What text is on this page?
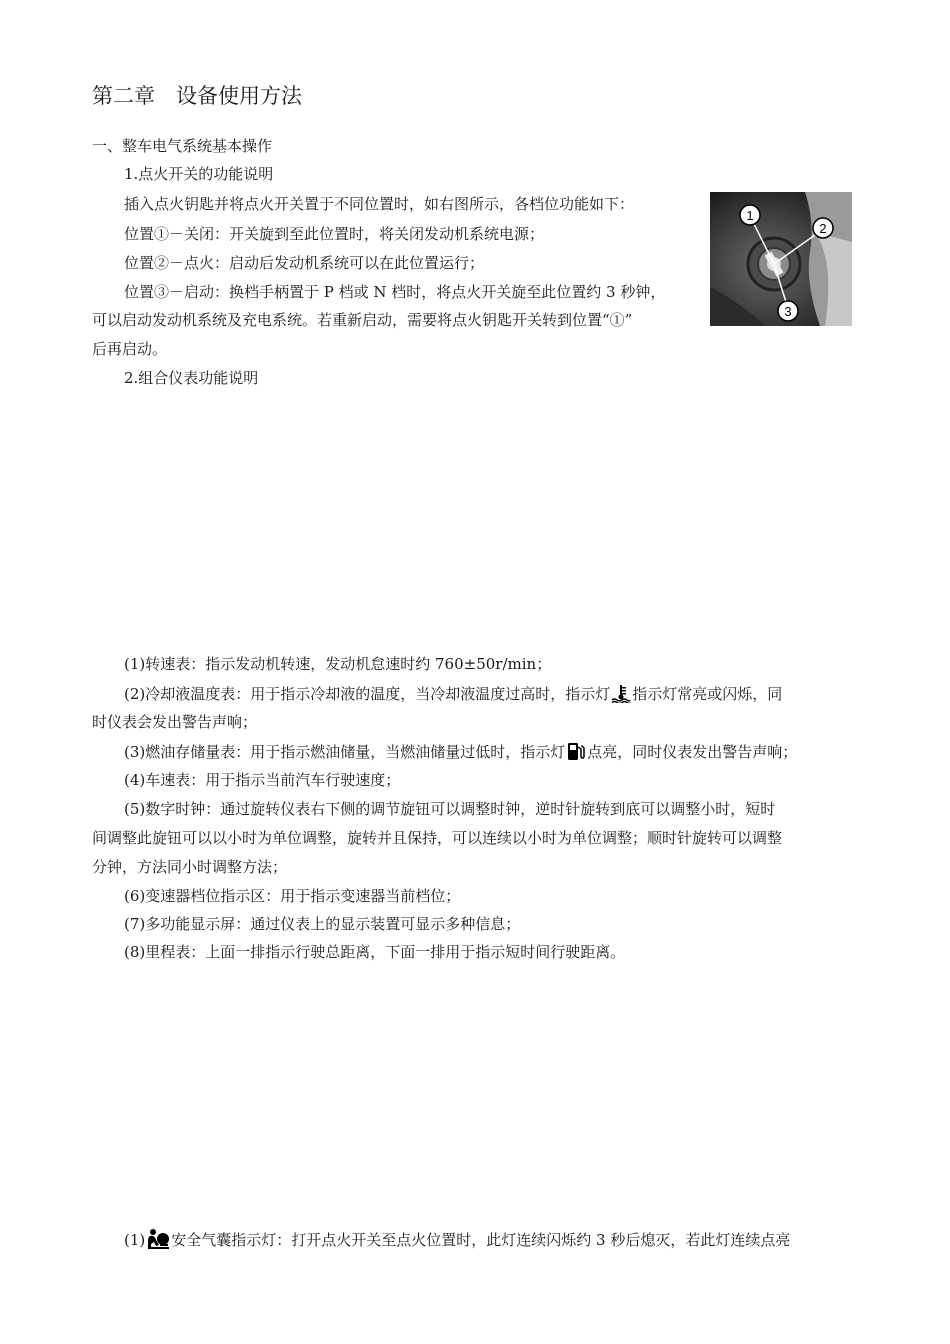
第二章　设备使用方法
一、整车电气系统基本操作
1.点火开关的功能说明
插入点火钥匙并将点火开关置于不同位置时，如右图所示，各档位功能如下：
位置①－关闭：开关旋到至此位置时，将关闭发动机系统电源；
位置②－点火：启动后发动机系统可以在此位置运行；
位置③－启动：换档手柄置于 P 档或 N 档时，将点火开关旋至此位置约 3 秒钟，
可以启动发动机系统及充电系统。若重新启动，需要将点火钥匙开关转到位置“①”
后再启动。
2.组合仪表功能说明
1
2
3
(1)转速表：指示发动机转速，发动机怠速时约 760±50r/min；
(2)冷却液温度表：用于指示冷却液的温度，当冷却液温度过高时，指示灯 指示灯常亮或闪烁，同
时仪表会发出警告声响；
(3)燃油存储量表：用于指示燃油储量，当燃油储量过低时，指示灯 点亮，同时仪表发出警告声响；
(4)车速表：用于指示当前汽车行驶速度；
(5)数字时钟：通过旋转仪表右下侧的调节旋钮可以调整时钟，逆时针旋转到底可以调整小时，短时
间调整此旋钮可以以小时为单位调整，旋转并且保持，可以连续以小时为单位调整；顺时针旋转可以调整
分钟，方法同小时调整方法；
(6)变速器档位指示区：用于指示变速器当前档位；
(7)多功能显示屏：通过仪表上的显示装置可显示多种信息；
(8)里程表：上面一排指示行驶总距离，下面一排用于指示短时间行驶距离。
(1) 安全气囊指示灯：打开点火开关至点火位置时，此灯连续闪烁约 3 秒后熄灭，若此灯连续点亮
